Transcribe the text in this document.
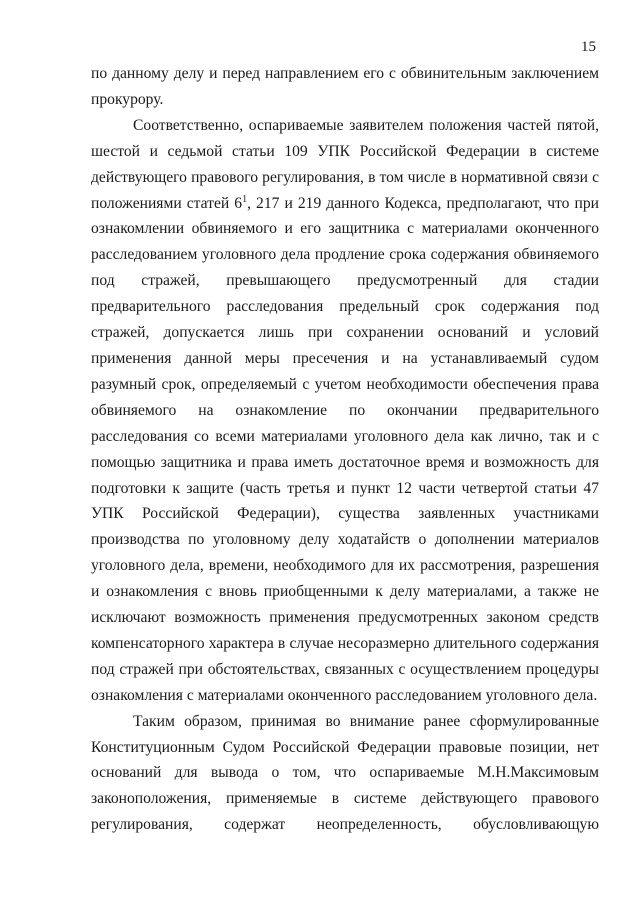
15

по данному делу и перед направлением его с обвинительным заключением прокурору.

Соответственно, оспариваемые заявителем положения частей пятой, шестой и седьмой статьи 109 УПК Российской Федерации в системе действующего правового регулирования, в том числе в нормативной связи с положениями статей $6^1$, 217 и 219 данного Кодекса, предполагают, что при ознакомлении обвиняемого и его защитника с материалами оконченного расследованием уголовного дела продление срока содержания обвиняемого под стражей, превышающего предусмотренный для стадии предварительного расследования предельный срок содержания под стражей, допускается лишь при сохранении оснований и условий применения данной меры пресечения и на устанавливаемый судом разумный срок, определяемый с учетом необходимости обеспечения права обвиняемого на ознакомление по окончании предварительного расследования со всеми материалами уголовного дела как лично, так и с помощью защитника и права иметь достаточное время и возможность для подготовки к защите (часть третья и пункт 12 части четвертой статьи 47 УПК Российской Федерации), существа заявленных участниками производства по уголовному делу ходатайств о дополнении материалов уголовного дела, времени, необходимого для их рассмотрения, разрешения и ознакомления с вновь приобщенными к делу материалами, а также не исключают возможность применения предусмотренных законом средств компенсаторного характера в случае несоразмерно длительного содержания под стражей при обстоятельствах, связанных с осуществлением процедуры ознакомления с материалами оконченного расследованием уголовного дела.

Таким образом, принимая во внимание ранее сформулированные Конституционным Судом Российской Федерации правовые позиции, нет оснований для вывода о том, что оспариваемые М.Н.Максимовым законоположения, применяемые в системе действующего правового регулирования, содержат неопределенность, обусловливающую
